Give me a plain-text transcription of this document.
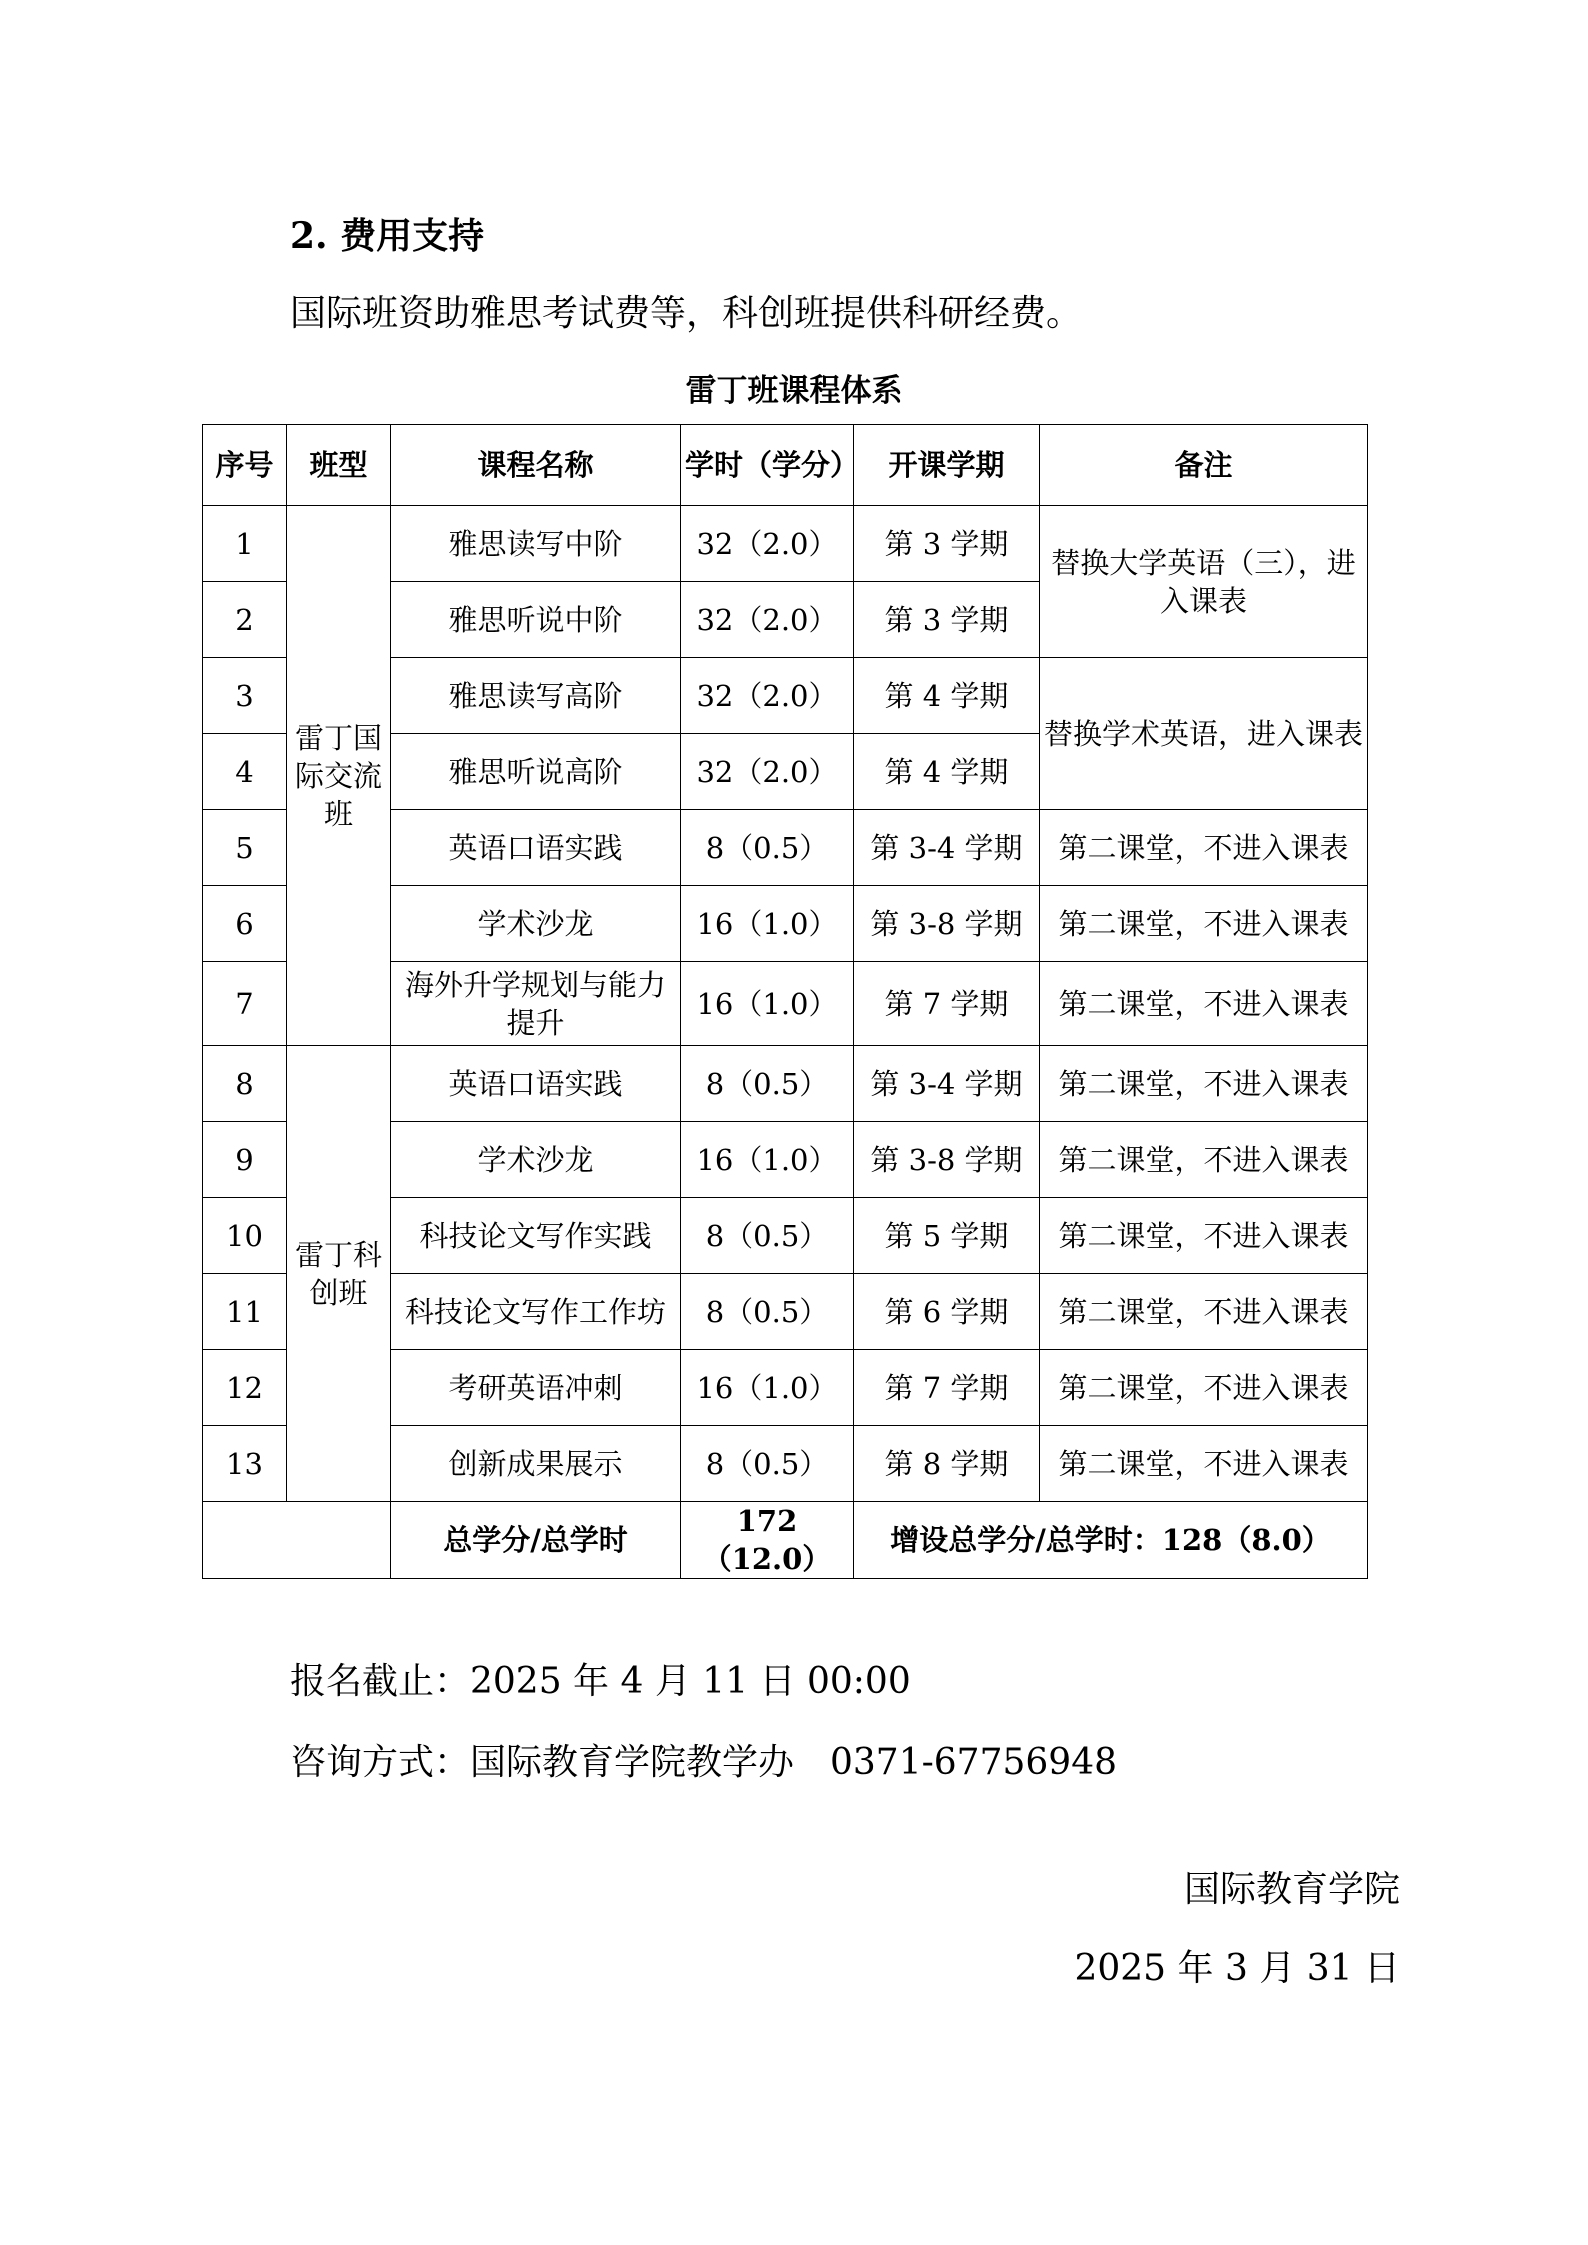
2. 费用支持
国际班资助雅思考试费等，科创班提供科研经费。
雷丁班课程体系
序号	班型	课程名称	学时（学分）	开课学期	备注
1	雷丁国际交流班	雅思读写中阶	32（2.0）	第 3 学期	替换大学英语（三），进入课表
2		雅思听说中阶	32（2.0）	第 3 学期	
3		雅思读写高阶	32（2.0）	第 4 学期	替换学术英语，进入课表
4		雅思听说高阶	32（2.0）	第 4 学期	
5		英语口语实践	8（0.5）	第 3-4 学期	第二课堂，不进入课表
6		学术沙龙	16（1.0）	第 3-8 学期	第二课堂，不进入课表
7		海外升学规划与能力提升	16（1.0）	第 7 学期	第二课堂，不进入课表
8	雷丁科创班	英语口语实践	8（0.5）	第 3-4 学期	第二课堂，不进入课表
9		学术沙龙	16（1.0）	第 3-8 学期	第二课堂，不进入课表
10		科技论文写作实践	8（0.5）	第 5 学期	第二课堂，不进入课表
11		科技论文写作工作坊	8（0.5）	第 6 学期	第二课堂，不进入课表
12		考研英语冲刺	16（1.0）	第 7 学期	第二课堂，不进入课表
13		创新成果展示	8（0.5）	第 8 学期	第二课堂，不进入课表
		总学分/总学时	172（12.0）	增设总学分/总学时：128（8.0）	
报名截止：2025 年 4 月 11 日 00:00
咨询方式：国际教育学院教学办　0371-67756948
国际教育学院
2025 年 3 月 31 日
